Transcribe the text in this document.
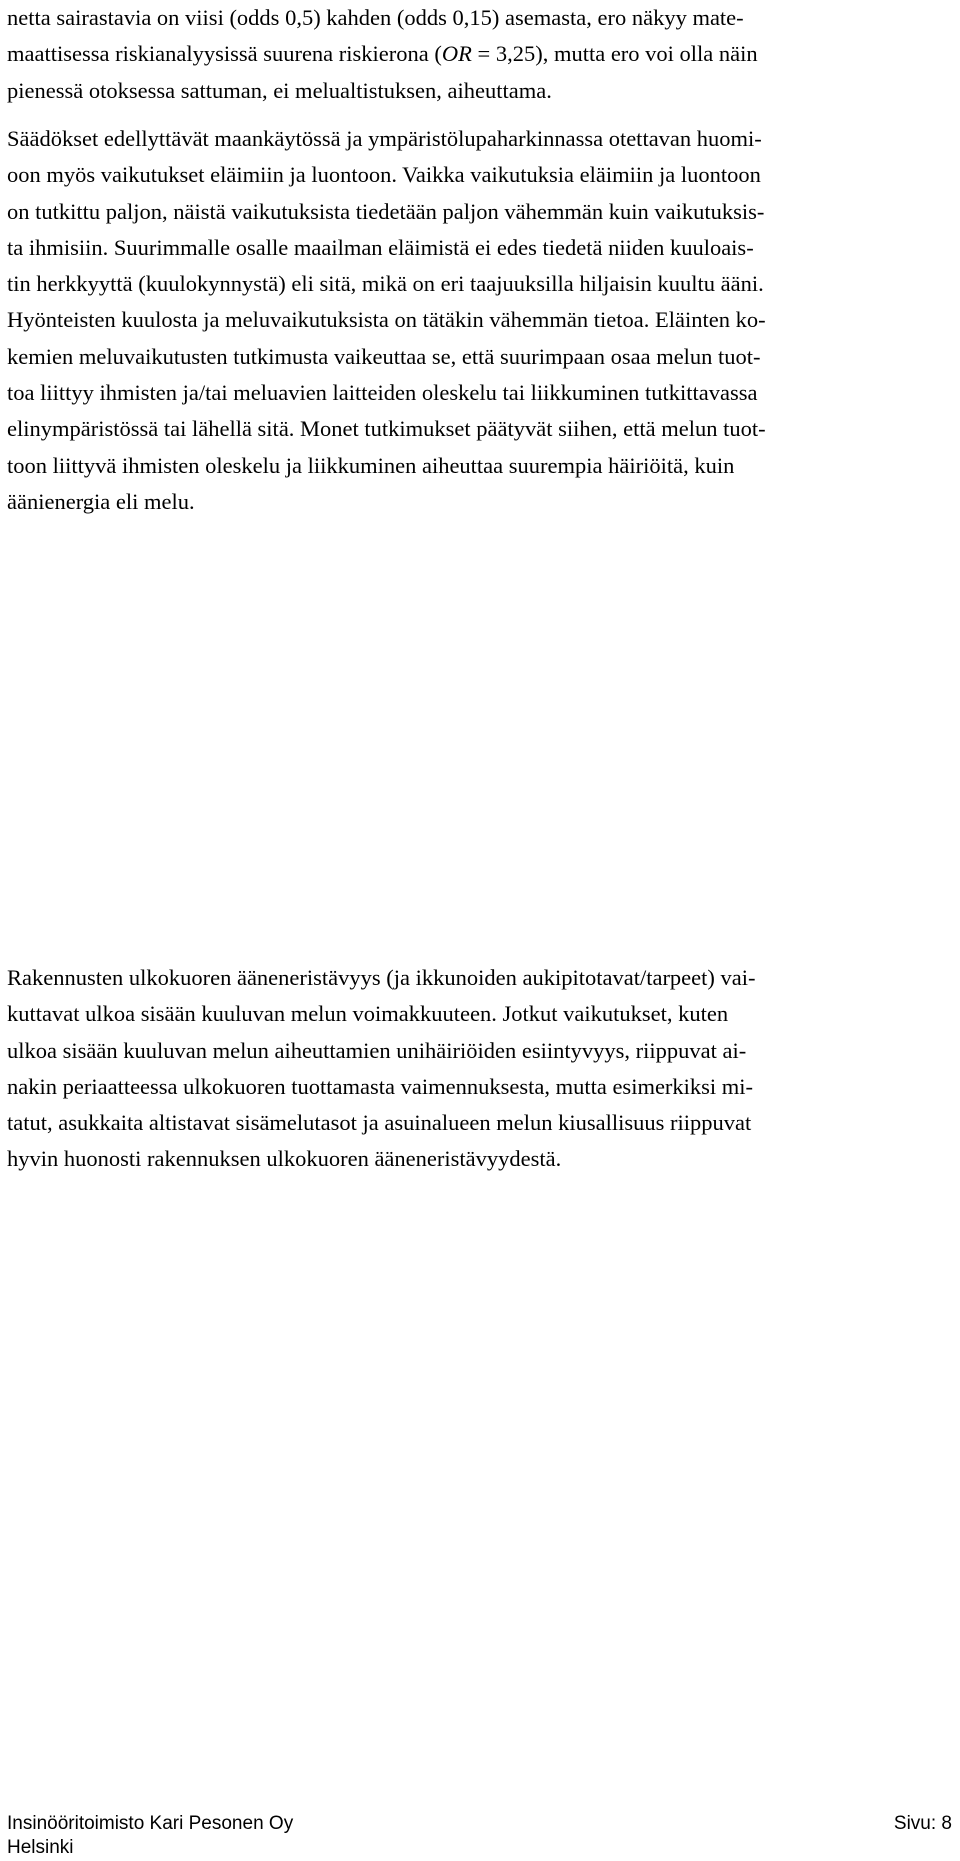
netta sairastavia on viisi (odds 0,5) kahden (odds 0,15) asemasta, ero näkyy mate-
maattisessa riskianalyysissä suurena riskierona (OR = 3,25), mutta ero voi olla näin
pienessä otoksessa sattuman, ei melualtistuksen, aiheuttama.
Säädökset edellyttävät maankäytössä ja ympäristölupaharkinnassa otettavan huomi-
oon myös vaikutukset eläimiin ja luontoon. Vaikka vaikutuksia eläimiin ja luontoon
on tutkittu paljon, näistä vaikutuksista tiedetään paljon vähemmän kuin vaikutuksis-
ta ihmisiin. Suurimmalle osalle maailman eläimistä ei edes tiedetä niiden kuuloais-
tin herkkyyttä (kuulokynnystä) eli sitä, mikä on eri taajuuksilla hiljaisin kuultu ääni.
Hyönteisten kuulosta ja meluvaikutuksista on tätäkin vähemmän tietoa. Eläinten ko-
kemien meluvaikutusten tutkimusta vaikeuttaa se, että suurimpaan osaa melun tuot-
toa liittyy ihmisten ja/tai meluavien laitteiden oleskelu tai liikkuminen tutkittavassa
elinympäristössä tai lähellä sitä. Monet tutkimukset päätyvät siihen, että melun tuot-
toon liittyvä ihmisten oleskelu ja liikkuminen aiheuttaa suurempia häiriöitä, kuin
äänienergia eli melu.
Rakennusten ulkokuoren ääneneristävyys (ja ikkunoiden aukipitotavat/tarpeet) vai-
kuttavat ulkoa sisään kuuluvan melun voimakkuuteen. Jotkut vaikutukset, kuten
ulkoa sisään kuuluvan melun aiheuttamien unihäiriöiden esiintyvyys, riippuvat ai-
nakin periaatteessa ulkokuoren tuottamasta vaimennuksesta, mutta esimerkiksi mi-
tatut, asukkaita altistavat sisämelutasot ja asuinalueen melun kiusallisuus riippuvat
hyvin huonosti rakennuksen ulkokuoren ääneneristävyydestä.
Insinööritoimisto Kari Pesonen Oy	Sivu: 8
Helsinki
